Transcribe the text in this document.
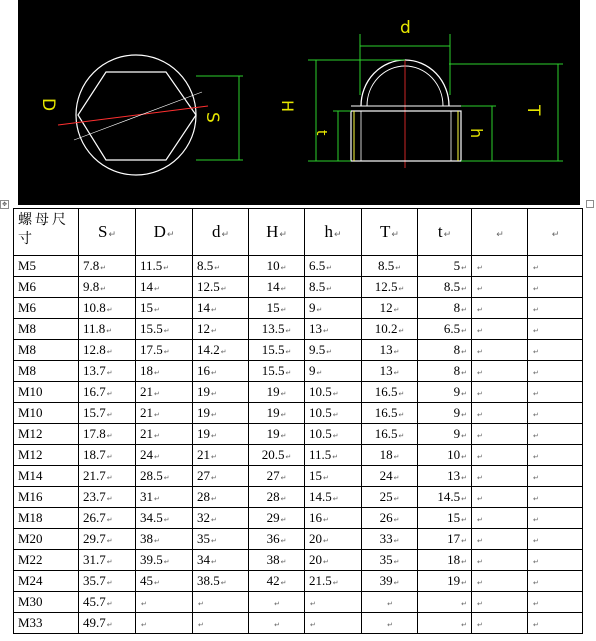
S
D
d
H
t	h
T
✥
螺母尺寸	S↵	D↵	d↵	H↵	h↵	T↵	t↵	↵	↵
M5	7.8↵	11.5↵	8.5↵	10↵	6.5↵	8.5↵	5↵	↵	↵
M6	9.8↵	14↵	12.5↵	14↵	8.5↵	12.5↵	8.5↵	↵	↵
M6	10.8↵	15↵	14↵	15↵	9↵	12↵	8↵	↵	↵
M8	11.8↵	15.5↵	12↵	13.5↵	13↵	10.2↵	6.5↵	↵	↵
M8	12.8↵	17.5↵	14.2↵	15.5↵	9.5↵	13↵	8↵	↵	↵
M8	13.7↵	18↵	16↵	15.5↵	9↵	13↵	8↵	↵	↵
M10	16.7↵	21↵	19↵	19↵	10.5↵	16.5↵	9↵	↵	↵
M10	15.7↵	21↵	19↵	19↵	10.5↵	16.5↵	9↵	↵	↵
M12	17.8↵	21↵	19↵	19↵	10.5↵	16.5↵	9↵	↵	↵
M12	18.7↵	24↵	21↵	20.5↵	11.5↵	18↵	10↵	↵	↵
M14	21.7↵	28.5↵	27↵	27↵	15↵	24↵	13↵	↵	↵
M16	23.7↵	31↵	28↵	28↵	14.5↵	25↵	14.5↵	↵	↵
M18	26.7↵	34.5↵	32↵	29↵	16↵	26↵	15↵	↵	↵
M20	29.7↵	38↵	35↵	36↵	20↵	33↵	17↵	↵	↵
M22	31.7↵	39.5↵	34↵	38↵	20↵	35↵	18↵	↵	↵
M24	35.7↵	45↵	38.5↵	42↵	21.5↵	39↵	19↵	↵	↵
M30	45.7↵	↵	↵	↵	↵	↵	↵	↵	↵
M33	49.7↵	↵	↵	↵	↵	↵	↵	↵	↵
